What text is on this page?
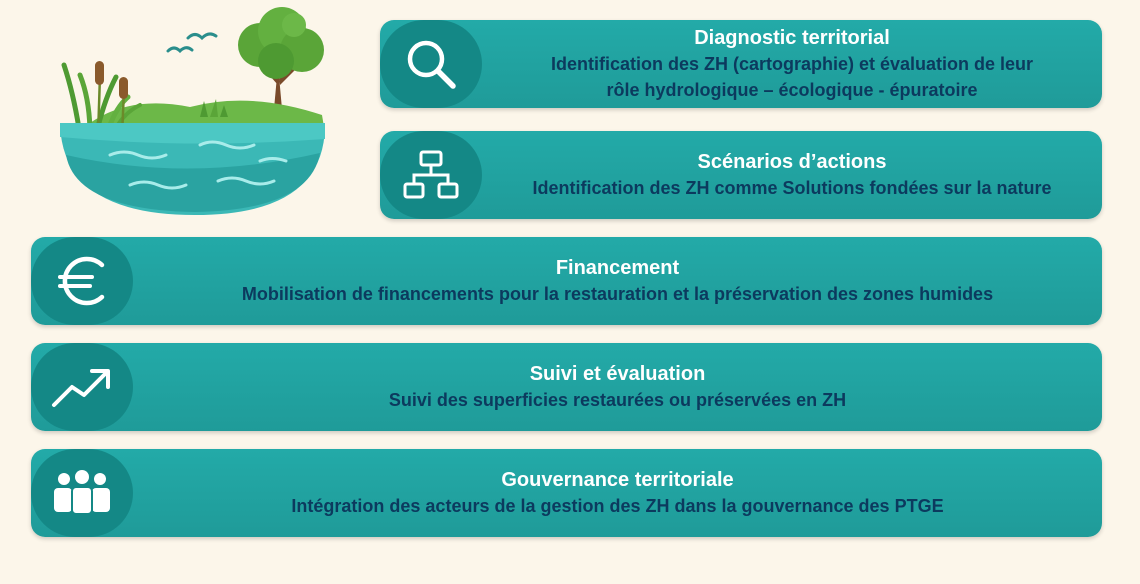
Diagnostic territorial
Identification des ZH (cartographie) et évaluation de leur
rôle hydrologique – écologique - épuratoire
Scénarios d’actions
Identification des ZH comme Solutions fondées sur la nature
Financement
Mobilisation de financements pour la restauration et la préservation des zones humides
Suivi et évaluation
Suivi des superficies restaurées ou préservées en ZH
Gouvernance territoriale
Intégration des acteurs de la gestion des ZH dans la gouvernance des PTGE
